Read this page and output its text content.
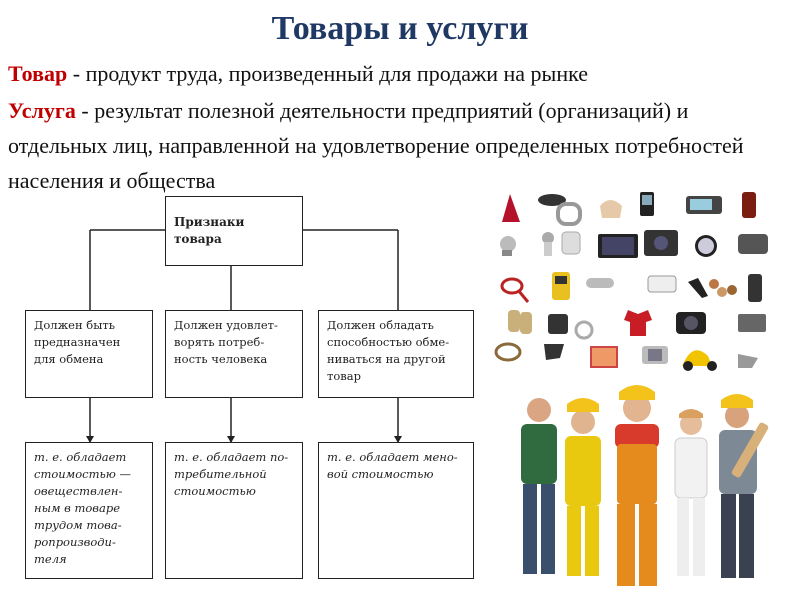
Товары и услуги
Товар - продукт труда, произведенный для продажи на рынке
Услуга - результат полезной деятельности предприятий (организаций) и отдельных лиц, направленной на удовлетворение определенных потребностей населения и общества
Признаки товара
Должен быть предназначен для обмена
Должен удовлет-ворять потреб-ность человека
Должен обладать способностью обме-ниваться на другой товар
т. е. обладает стоимостью — овеществлен-ным в товаре трудом това-ропроизводи-теля
т. е. обладает по-требительной стоимостью
т. е. обладает мено-вой стоимостью
